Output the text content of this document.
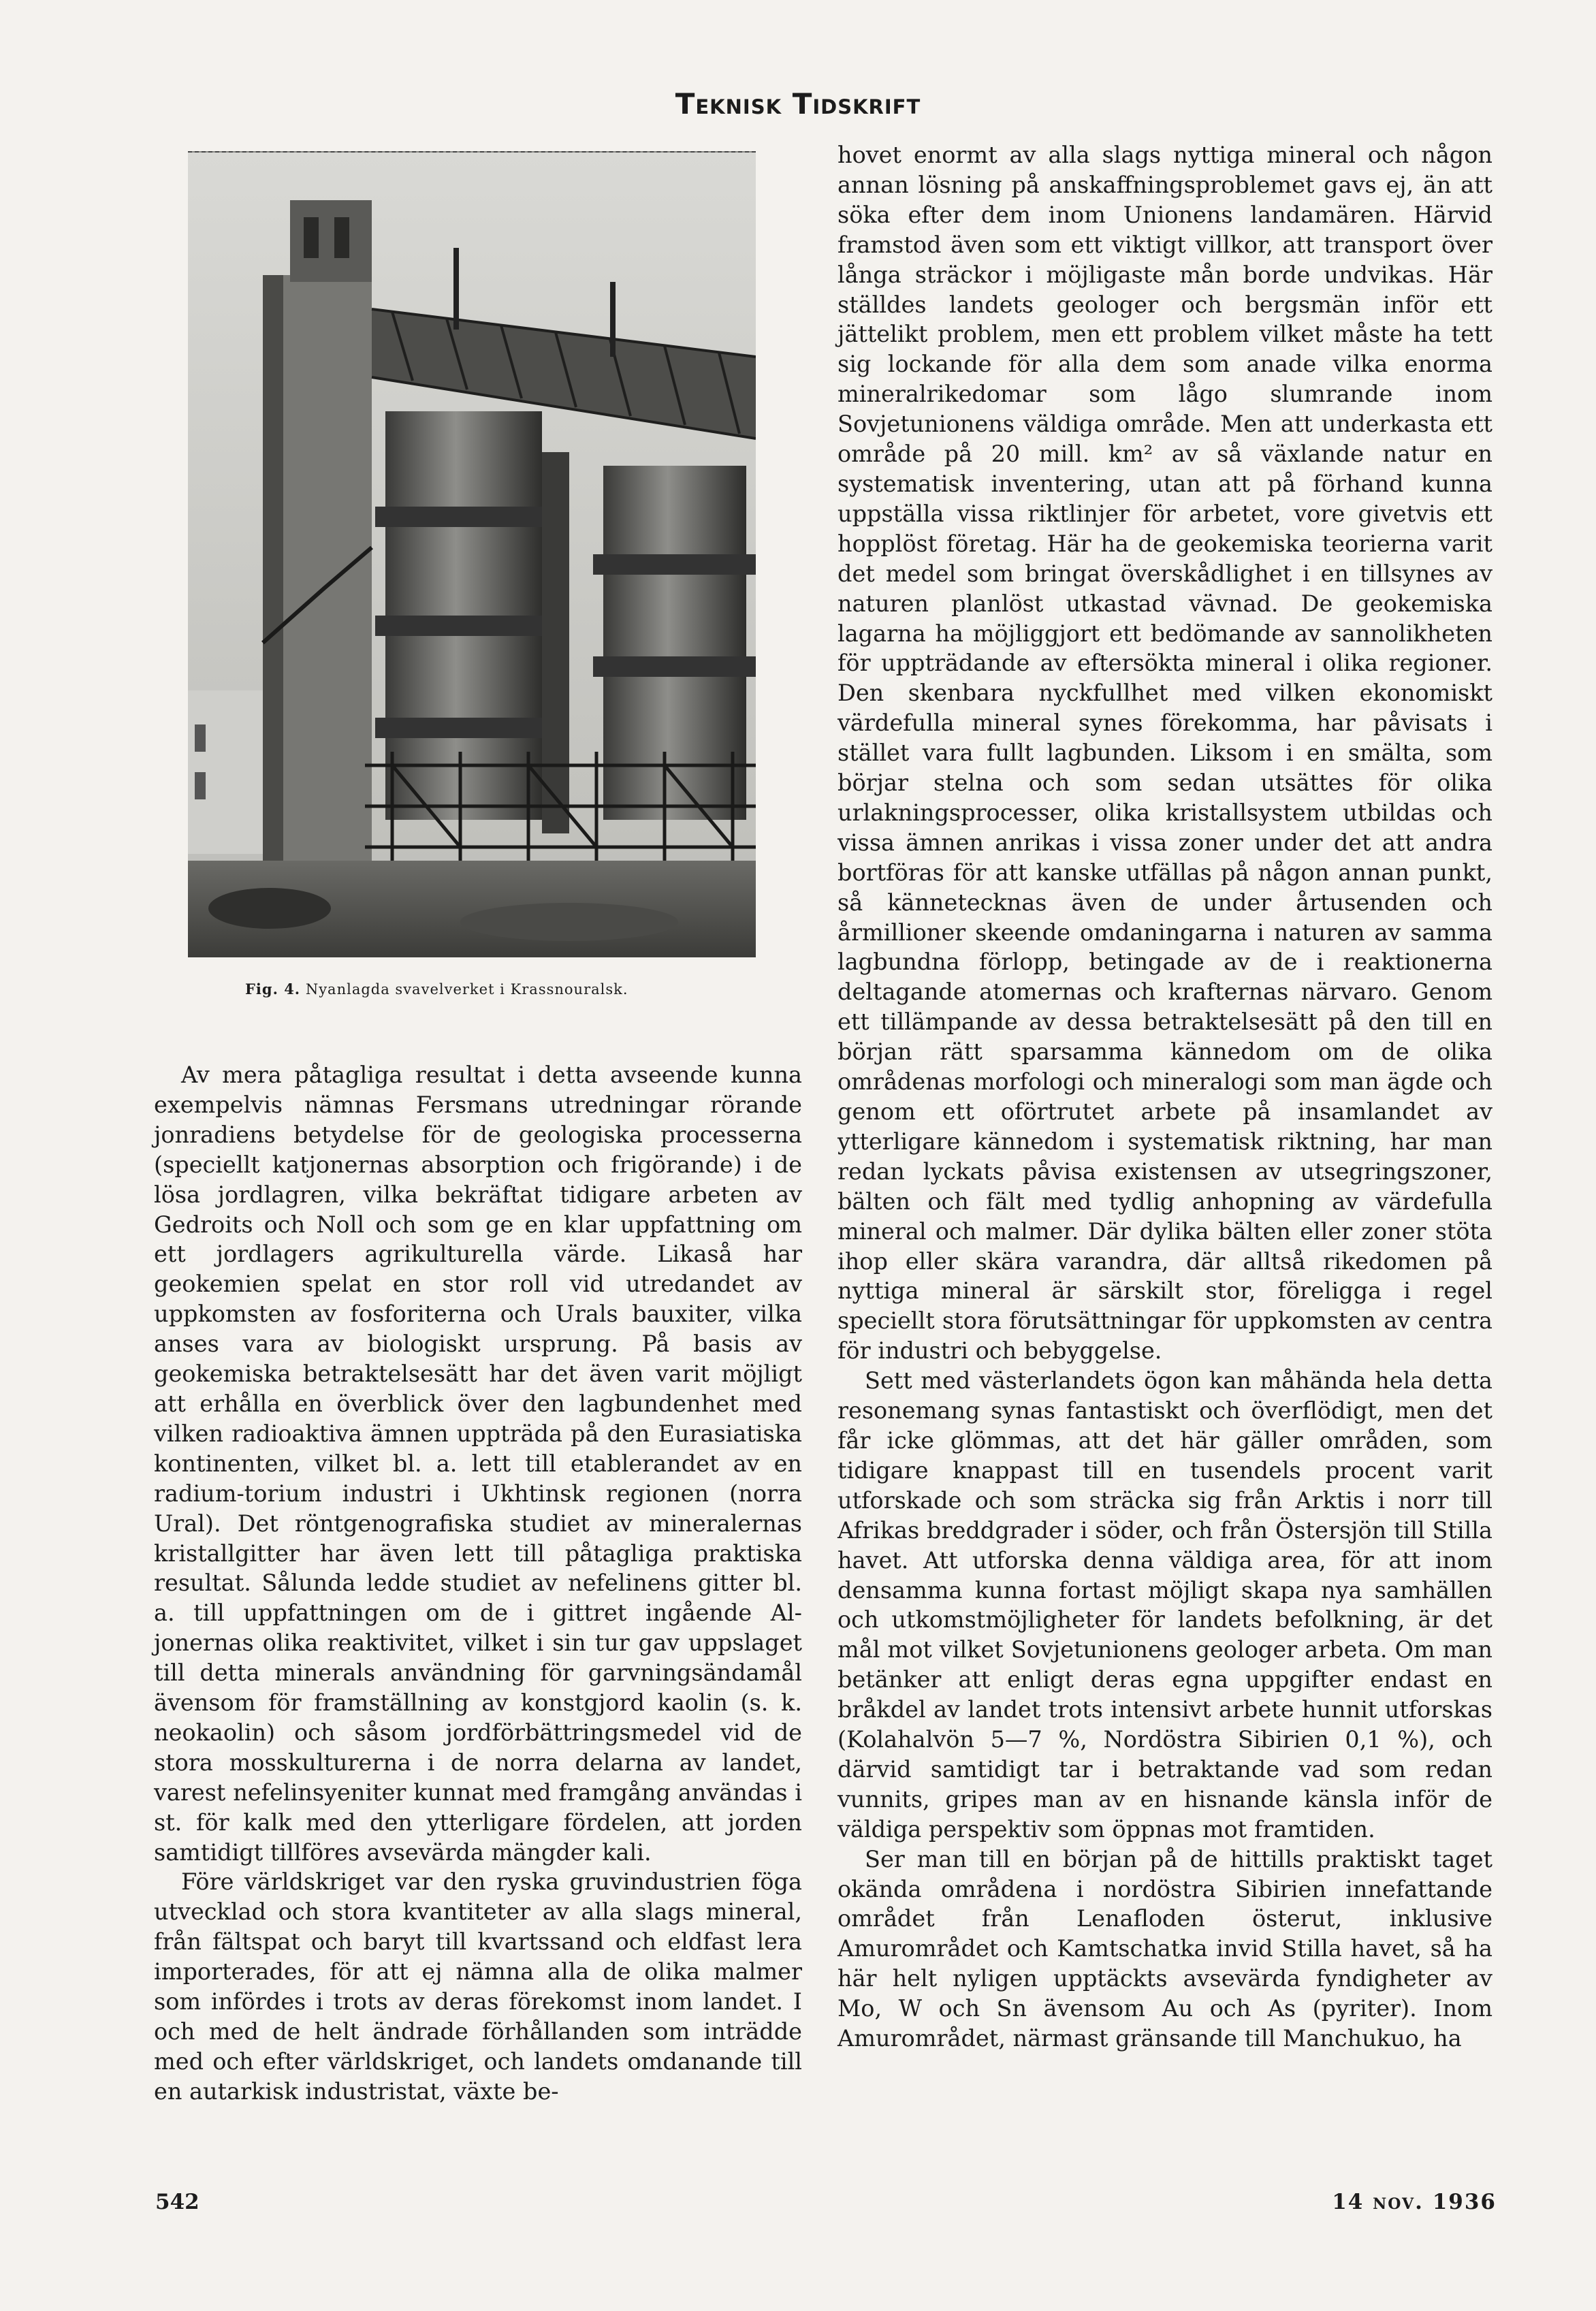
Teknisk Tidskrift
Fig. 4. Nyanlagda svavelverket i Krassnouralsk.

Av mera påtagliga resultat i detta avseende kunna exempelvis nämnas Fersmans utredningar rörande jonradiens betydelse för de geologiska processerna (speciellt katjonernas absorption och frigörande) i de lösa jordlagren, vilka bekräftat tidigare arbeten av Gedroits och Noll och som ge en klar uppfattning om ett jordlagers agrikulturella värde. Likaså har geokemien spelat en stor roll vid utredandet av uppkomsten av fosforiterna och Urals bauxiter, vilka anses vara av biologiskt ursprung. På basis av geokemiska betraktelsesätt har det även varit möjligt att erhålla en överblick över den lagbundenhet med vilken radioaktiva ämnen uppträda på den Eurasiatiska kontinenten, vilket bl. a. lett till etablerandet av en radium-torium industri i Ukhtinsk regionen (norra Ural). Det röntgenografiska studiet av mineralernas kristallgitter har även lett till påtagliga praktiska resultat. Sålunda ledde studiet av nefelinens gitter bl. a. till uppfattningen om de i gittret ingående Al-jonernas olika reaktivitet, vilket i sin tur gav uppslaget till detta minerals användning för garvningsändamål ävensom för framställning av konstgjord kaolin (s. k. neokaolin) och såsom jordförbättringsmedel vid de stora mosskulturerna i de norra delarna av landet, varest nefelinsyeniter kunnat med framgång användas i st. för kalk med den ytterligare fördelen, att jorden samtidigt tillföres avsevärda mängder kali.

Före världskriget var den ryska gruvindustrien föga utvecklad och stora kvantiteter av alla slags mineral, från fältspat och baryt till kvartssand och eldfast lera importerades, för att ej nämna alla de olika malmer som infördes i trots av deras förekomst inom landet. I och med de helt ändrade förhållanden som inträdde med och efter världskriget, och landets omdanande till en autarkisk industristat, växte be-

hovet enormt av alla slags nyttiga mineral och någon annan lösning på anskaffningsproblemet gavs ej, än att söka efter dem inom Unionens landamären. Härvid framstod även som ett viktigt villkor, att transport över långa sträckor i möjligaste mån borde undvikas. Här ställdes landets geologer och bergsmän inför ett jättelikt problem, men ett problem vilket måste ha tett sig lockande för alla dem som anade vilka enorma mineralrikedomar som lågo slumrande inom Sovjetunionens väldiga område. Men att underkasta ett område på 20 mill. km² av så växlande natur en systematisk inventering, utan att på förhand kunna uppställa vissa riktlinjer för arbetet, vore givetvis ett hopplöst företag. Här ha de geokemiska teorierna varit det medel som bringat överskådlighet i en tillsynes av naturen planlöst utkastad vävnad. De geokemiska lagarna ha möjliggjort ett bedömande av sannolikheten för uppträdande av eftersökta mineral i olika regioner. Den skenbara nyckfullhet med vilken ekonomiskt värdefulla mineral synes förekomma, har påvisats i stället vara fullt lagbunden. Liksom i en smälta, som börjar stelna och som sedan utsättes för olika urlakningsprocesser, olika kristallsystem utbildas och vissa ämnen anrikas i vissa zoner under det att andra bortföras för att kanske utfällas på någon annan punkt, så kännetecknas även de under årtusenden och årmillioner skeende omdaningarna i naturen av samma lagbundna förlopp, betingade av de i reaktionerna deltagande atomernas och krafternas närvaro. Genom ett tillämpande av dessa betraktelsesätt på den till en början rätt sparsamma kännedom om de olika områdenas morfologi och mineralogi som man ägde och genom ett oförtrutet arbete på insamlandet av ytterligare kännedom i systematisk riktning, har man redan lyckats påvisa existensen av utsegringszoner, bälten och fält med tydlig anhopning av värdefulla mineral och malmer. Där dylika bälten eller zoner stöta ihop eller skära varandra, där alltså rikedomen på nyttiga mineral är särskilt stor, föreligga i regel speciellt stora förutsättningar för uppkomsten av centra för industri och bebyggelse.

Sett med västerlandets ögon kan måhända hela detta resonemang synas fantastiskt och överflödigt, men det får icke glömmas, att det här gäller områden, som tidigare knappast till en tusendels procent varit utforskade och som sträcka sig från Arktis i norr till Afrikas breddgrader i söder, och från Östersjön till Stilla havet. Att utforska denna väldiga area, för att inom densamma kunna fortast möjligt skapa nya samhällen och utkomstmöjligheter för landets befolkning, är det mål mot vilket Sovjetunionens geologer arbeta. Om man betänker att enligt deras egna uppgifter endast en bråkdel av landet trots intensivt arbete hunnit utforskas (Kolahalvön 5—7 %, Nordöstra Sibirien 0,1 %), och därvid samtidigt tar i betraktande vad som redan vunnits, gripes man av en hisnande känsla inför de väldiga perspektiv som öppnas mot framtiden.

Ser man till en början på de hittills praktiskt taget okända områdena i nordöstra Sibirien innefattande området från Lenafloden österut, inklusive Amurområdet och Kamtschatka invid Stilla havet, så ha här helt nyligen upptäckts avsevärda fyndigheter av Mo, W och Sn ävensom Au och As (pyriter). Inom Amurområdet, närmast gränsande till Manchukuo, ha

542	14 nov. 1936
